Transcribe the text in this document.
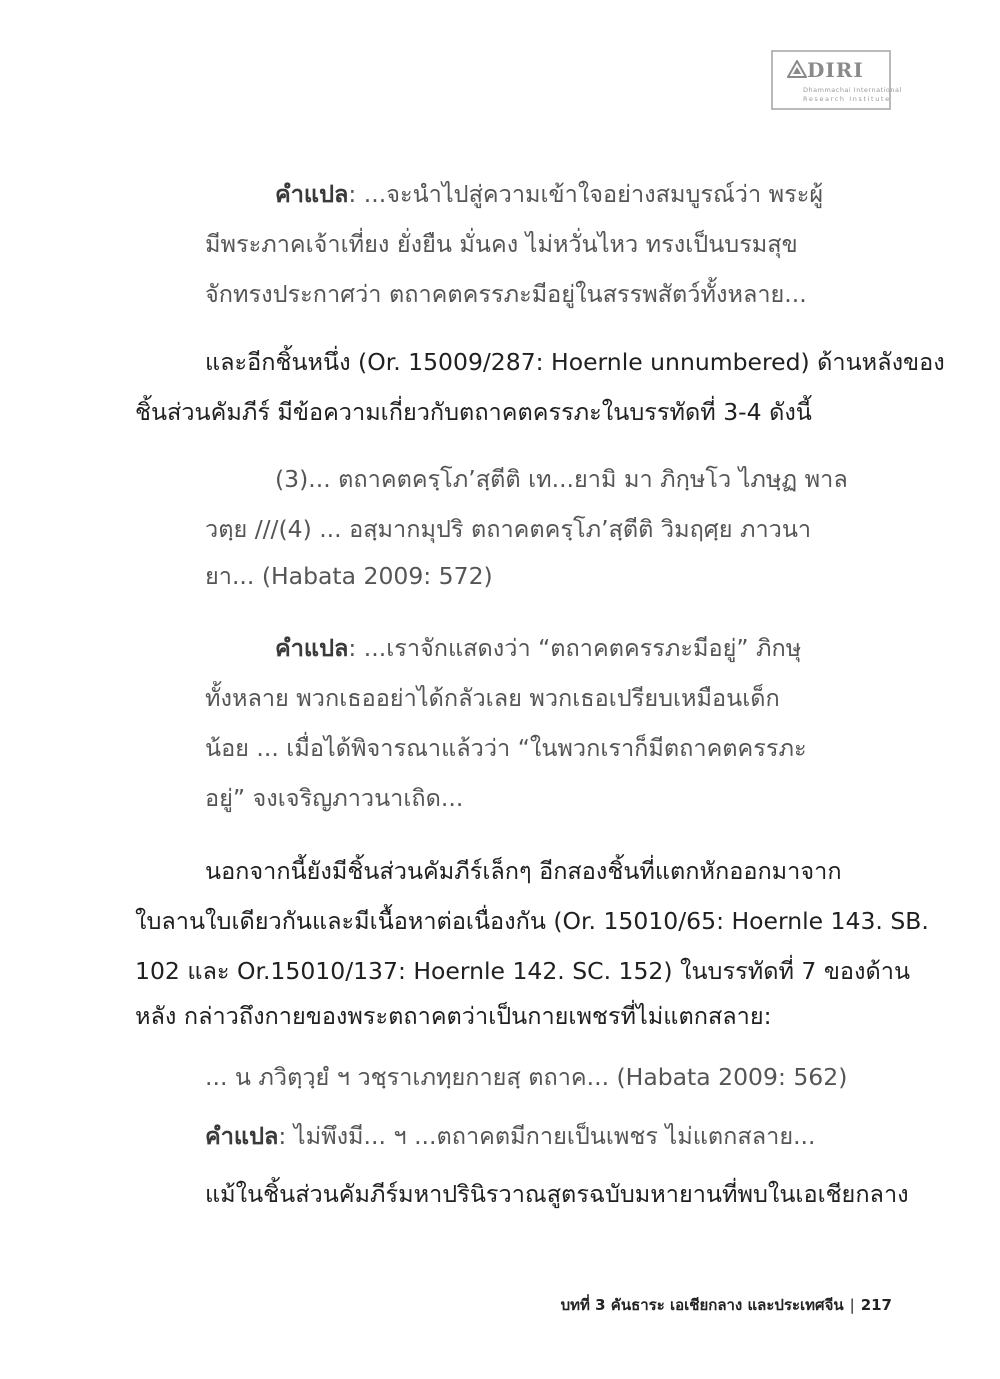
DIRI
Dhammachai International
Research Institute

คำแปล: ...จะนำไปสู่ความเข้าใจอย่างสมบูรณ์ว่า พระผู้

มีพระภาคเจ้าเที่ยง ยั่งยืน มั่นคง ไม่หวั่นไหว ทรงเป็นบรมสุข

จักทรงประกาศว่า ตถาคตครรภะมีอยู่ในสรรพสัตว์ทั้งหลาย...

และอีกชิ้นหนึ่ง (Or. 15009/287: Hoernle unnumbered) ด้านหลังของ

ชิ้นส่วนคัมภีร์ มีข้อความเกี่ยวกับตถาคตครรภะในบรรทัดที่ 3-4 ดังนี้

(3)... ตถาคตครฺโภ’สฺตีติ เท...ยามิ มา ภิกฺษโว ไภษฺฏ พาล

วตฺย ///(4) ... อสฺมากมุปริ ตถาคตครฺโภ’สฺตีติ วิมฤศฺย ภาวนา

ยา... (Habata 2009: 572)

คำแปล: ...เราจักแสดงว่า “ตถาคตครรภะมีอยู่” ภิกษุ

ทั้งหลาย พวกเธออย่าได้กลัวเลย พวกเธอเปรียบเหมือนเด็ก

น้อย ... เมื่อได้พิจารณาแล้วว่า “ในพวกเราก็มีตถาคตครรภะ

อยู่” จงเจริญภาวนาเถิด...

นอกจากนี้ยังมีชิ้นส่วนคัมภีร์เล็กๆ อีกสองชิ้นที่แตกหักออกมาจาก

ใบลานใบเดียวกันและมีเนื้อหาต่อเนื่องกัน (Or. 15010/65: Hoernle 143. SB.

102 และ Or.15010/137: Hoernle 142. SC. 152) ในบรรทัดที่ 7 ของด้าน

หลัง กล่าวถึงกายของพระตถาคตว่าเป็นกายเพชรที่ไม่แตกสลาย:

... น ภวิตฺวฺยํ ฯ วชฺราเภทฺยกายสฺ ตถาค... (Habata 2009: 562)

คำแปล: ไม่พึงมี... ฯ ...ตถาคตมีกายเป็นเพชร ไม่แตกสลาย...

แม้ในชิ้นส่วนคัมภีร์มหาปรินิรวาณสูตรฉบับมหายานที่พบในเอเชียกลาง

บทที่ 3 คันธาระ เอเชียกลาง และประเทศจีน | 217
